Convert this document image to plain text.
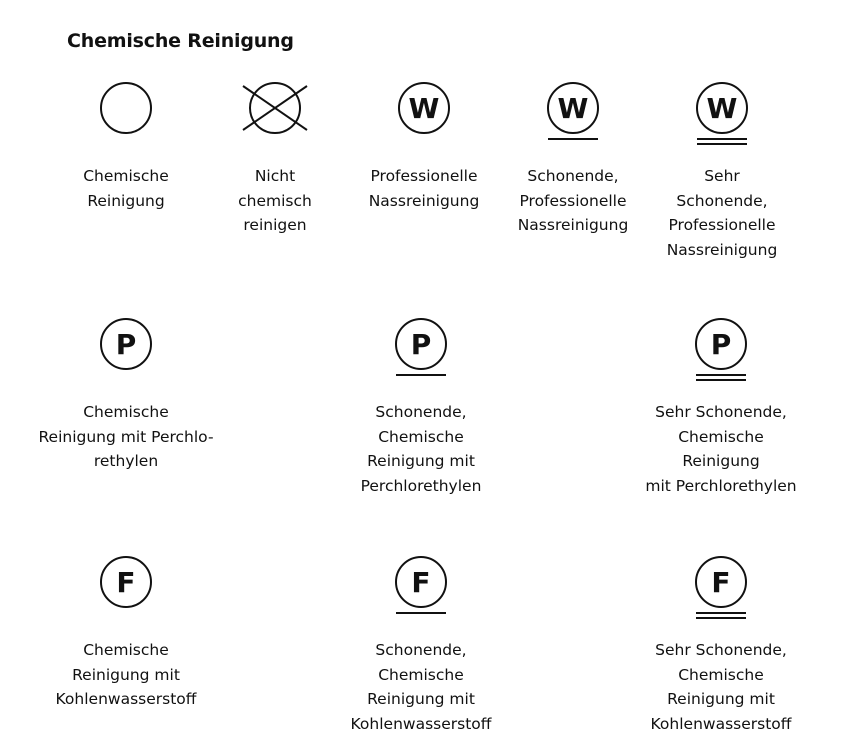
Chemische Reinigung
Chemische
Reinigung
Nicht
chemisch
reinigen
W
Professionelle
Nassreinigung
W
Schonende,
Professionelle
Nassreinigung
W
Sehr
Schonende,
Professionelle
Nassreinigung
P
Chemische
Reinigung mit Perchlo-
rethylen
P
Schonende,
Chemische
Reinigung mit
Perchlorethylen
P
Sehr Schonende,
Chemische
Reinigung
mit Perchlorethylen
F
Chemische
Reinigung mit
Kohlenwasserstoff
F
Schonende,
Chemische
Reinigung mit
Kohlenwasserstoff
F
Sehr Schonende,
Chemische
Reinigung mit
Kohlenwasserstoff
